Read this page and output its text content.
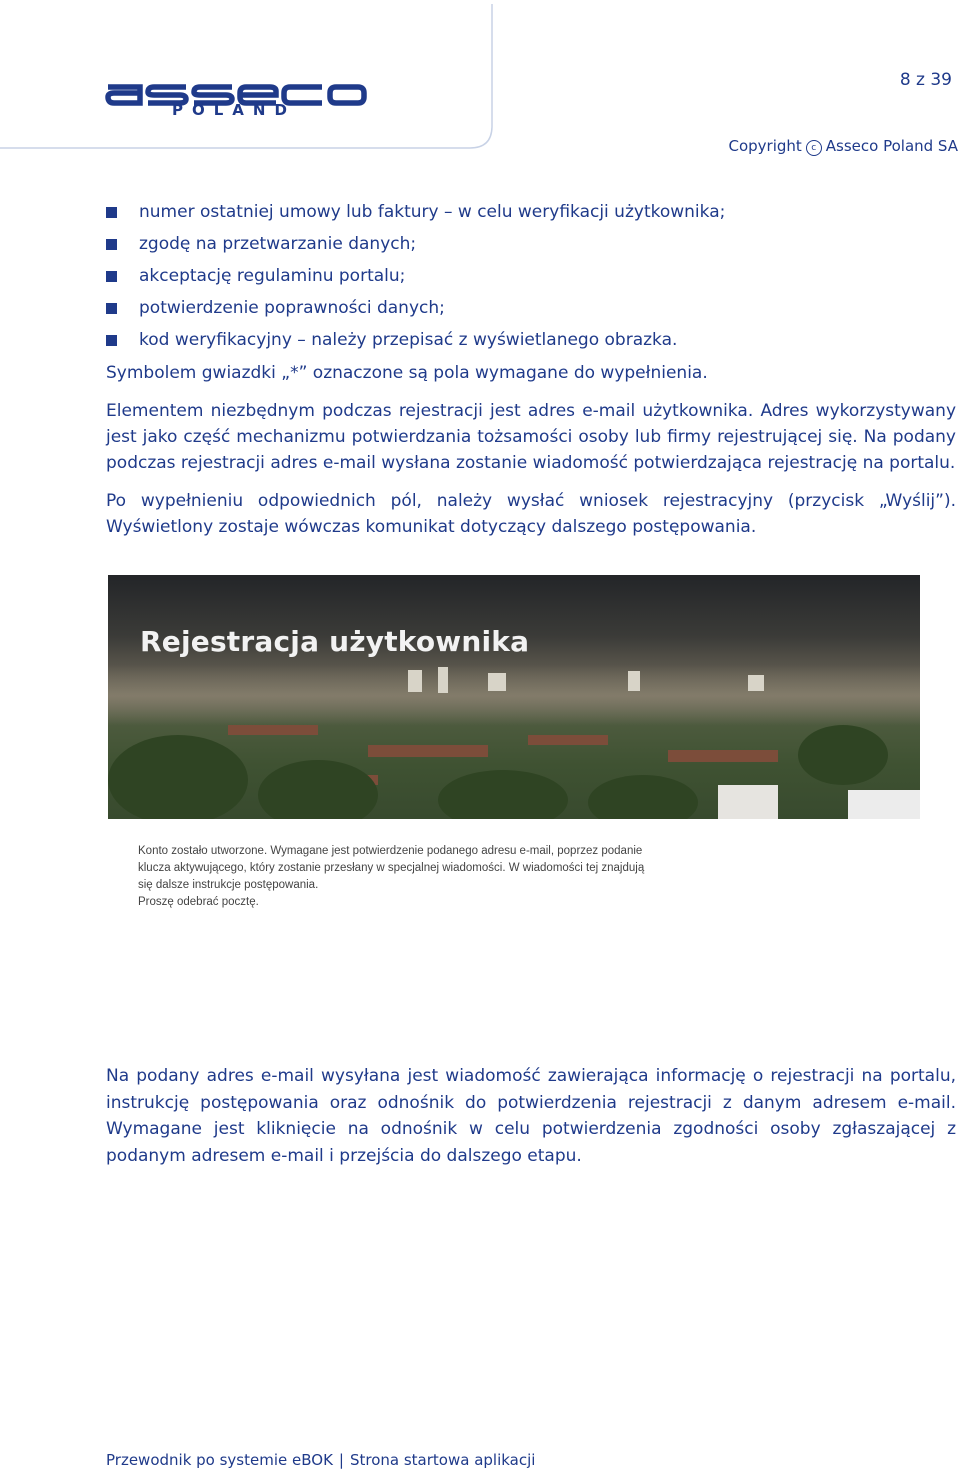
asseco
POLAND
8 z 39
Copyright c Asseco Poland SA
numer ostatniej umowy lub faktury – w celu weryfikacji użytkownika;
zgodę na przetwarzanie danych;
akceptację regulaminu portalu;
potwierdzenie poprawności danych;
kod weryfikacyjny – należy przepisać z wyświetlanego obrazka.

Symbolem gwiazdki „*” oznaczone są pola wymagane do wypełnienia.

Elementem niezbędnym podczas rejestracji jest adres e-mail użytkownika. Adres wykorzystywany jest jako część mechanizmu potwierdzania tożsamości osoby lub firmy rejestrującej się. Na podany podczas rejestracji adres e-mail wysłana zostanie wiadomość potwierdzająca rejestrację na portalu.

Po wypełnieniu odpowiednich pól, należy wysłać wniosek rejestracyjny (przycisk „Wyślij”). Wyświetlony zostaje wówczas komunikat dotyczący dalszego postępowania.

Rejestracja użytkownika
Konto zostało utworzone. Wymagane jest potwierdzenie podanego adresu e-mail, poprzez podanie
klucza aktywującego, który zostanie przesłany w specjalnej wiadomości. W wiadomości tej znajdują
się dalsze instrukcje postępowania.
Proszę odebrać pocztę.

Na podany adres e-mail wysyłana jest wiadomość zawierająca informację o rejestracji na portalu, instrukcję postępowania oraz odnośnik do potwierdzenia rejestracji z danym adresem e-mail. Wymagane jest kliknięcie na odnośnik w celu potwierdzenia zgodności osoby zgłaszającej z podanym adresem e-mail i przejścia do dalszego etapu.

Przewodnik po systemie eBOK | Strona startowa aplikacji
